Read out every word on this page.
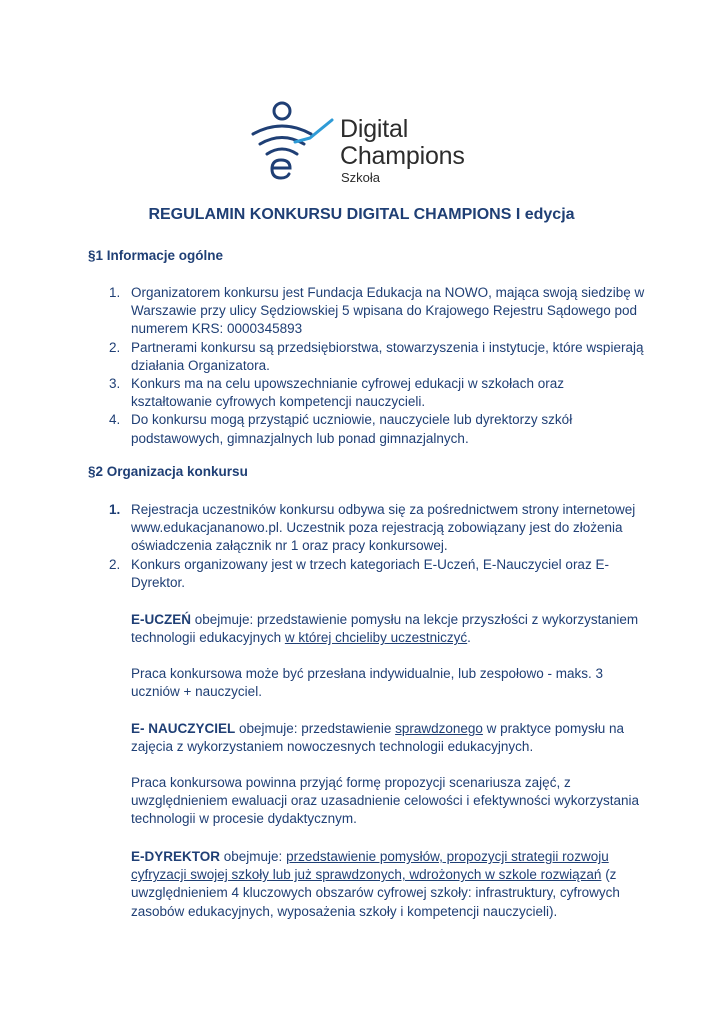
Digital
Champions
Szkoła
REGULAMIN KONKURSU DIGITAL CHAMPIONS I edycja
§1 Informacje ogólne
1. Organizatorem konkursu jest Fundacja Edukacja na NOWO, mająca swoją siedzibę w Warszawie przy ulicy Sędziowskiej 5 wpisana do Krajowego Rejestru Sądowego pod numerem KRS: 0000345893
2. Partnerami konkursu są przedsiębiorstwa, stowarzyszenia i instytucje, które wspierają działania Organizatora.
3. Konkurs ma na celu upowszechnianie cyfrowej edukacji w szkołach oraz kształtowanie cyfrowych kompetencji nauczycieli.
4. Do konkursu mogą przystąpić uczniowie, nauczyciele lub dyrektorzy szkół podstawowych, gimnazjalnych lub ponad gimnazjalnych.
§2 Organizacja konkursu
1. Rejestracja uczestników konkursu odbywa się za pośrednictwem strony internetowej www.edukacjananowo.pl. Uczestnik poza rejestracją zobowiązany jest do złożenia oświadczenia załącznik nr 1 oraz pracy konkursowej.
2. Konkurs organizowany jest w trzech kategoriach E-Uczeń, E-Nauczyciel oraz E-Dyrektor.
E-UCZEŃ obejmuje: przedstawienie pomysłu na lekcje przyszłości z wykorzystaniem technologii edukacyjnych w której chcieliby uczestniczyć.
Praca konkursowa może być przesłana indywidualnie, lub zespołowo - maks. 3 uczniów + nauczyciel.
E- NAUCZYCIEL obejmuje: przedstawienie sprawdzonego w praktyce pomysłu na zajęcia z wykorzystaniem nowoczesnych technologii edukacyjnych.
Praca konkursowa powinna przyjąć formę propozycji scenariusza zajęć, z uwzględnieniem ewaluacji oraz uzasadnienie celowości i efektywności wykorzystania technologii w procesie dydaktycznym.
E-DYREKTOR obejmuje: przedstawienie pomysłów, propozycji strategii rozwoju cyfryzacji swojej szkoły lub już sprawdzonych, wdrożonych w szkole rozwiązań (z uwzględnieniem 4 kluczowych obszarów cyfrowej szkoły: infrastruktury, cyfrowych zasobów edukacyjnych, wyposażenia szkoły i kompetencji nauczycieli).
